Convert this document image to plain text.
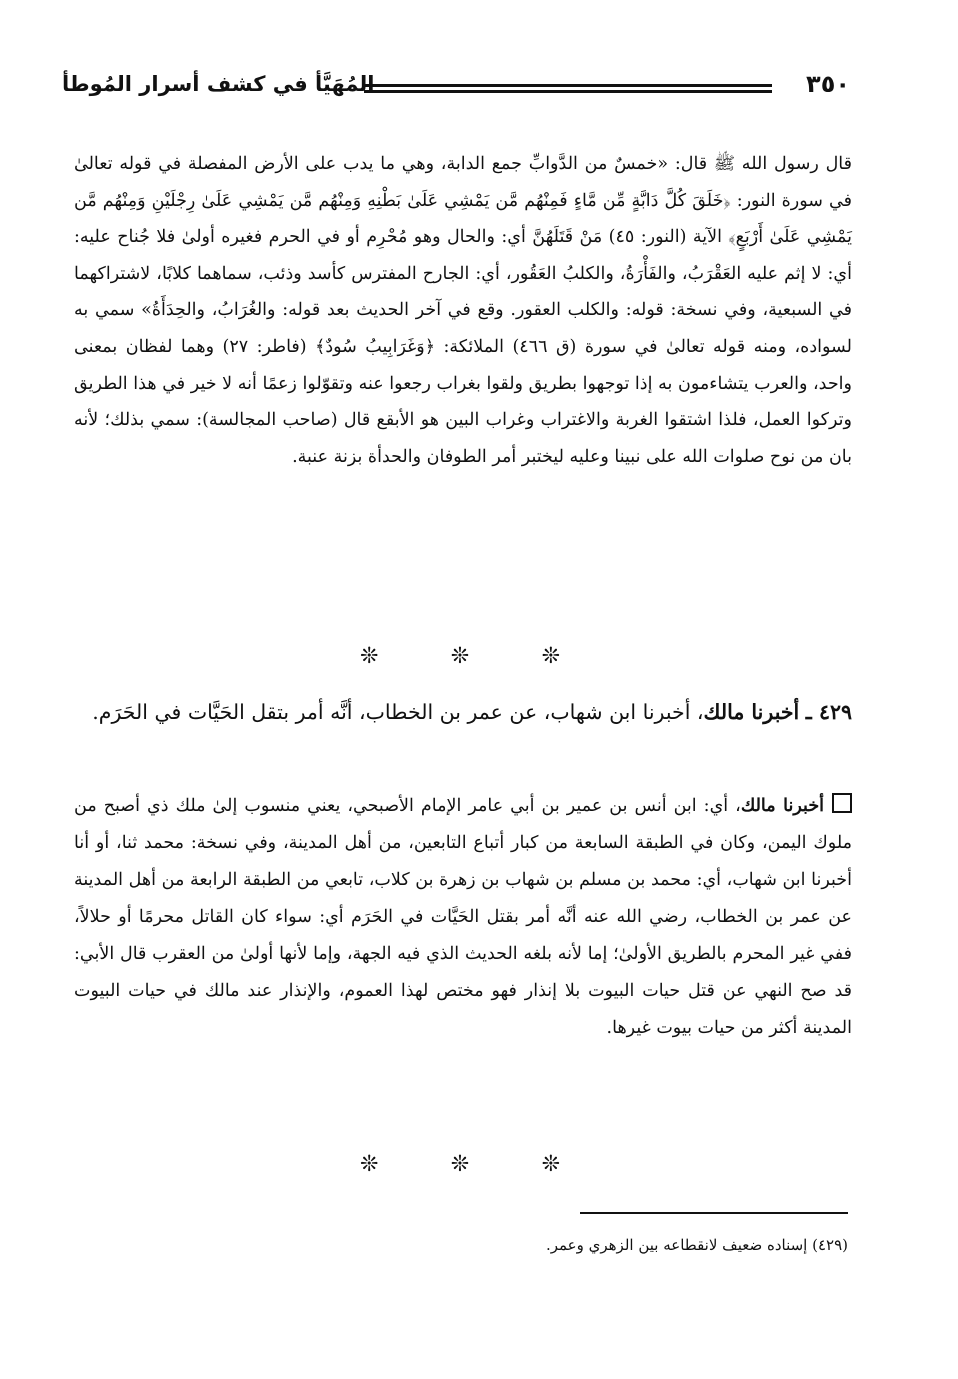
٣٥٠
المُهَيَّأ في كشف أسرار المُوطأ

قال رسول الله ﷺ قال: «خمسٌ من الدَّوابِّ جمع الدابة، وهي ما يدب على الأرض المفصلة في قوله تعالىٰ في سورة النور: ﴿خَلَقَ كُلَّ دَابَّةٍ مِّن مَّاءٍ فَمِنْهُم مَّن يَمْشِي عَلَىٰ بَطْنِهِ وَمِنْهُم مَّن يَمْشِي عَلَىٰ رِجْلَيْنِ وَمِنْهُم مَّن يَمْشِي عَلَىٰ أَرْبَعٍ﴾ الآية (النور: ٤٥) مَنْ قَتَلَهُنَّ أي: والحال وهو مُحْرِم أو في الحرم فغيره أولىٰ فلا جُناح عليه: أي: لا إثم عليه العَقْرَبُ، والفَأْرَةُ، والكلبُ العَقُور، أي: الجارح المفترس كأسد وذئب، سماهما كلابًا، لاشتراكهما في السبعية، وفي نسخة: قوله: والكلب العقور. وقع في آخر الحديث بعد قوله: والغُرَابُ، والحِدَأَةُ» سمي به لسواده، ومنه قوله تعالىٰ في سورة (ق ٤٦٦) الملائكة: ﴿وَغَرَابِيبُ سُودٌ﴾ (فاطر: ٢٧) وهما لفظان بمعنى واحد، والعرب يتشاءمون به إذا توجهوا بطريق ولقوا بغراب رجعوا عنه وتقوّلوا زعمًا أنه لا خير في هذا الطريق وتركوا العمل، فلذا اشتقوا الغربة والاغتراب وغراب البين هو الأبقع قال (صاحب المجالسة): سمي بذلك؛ لأنه بان من نوح صلوات الله على نبينا وعليه ليختبر أمر الطوفان والحدأة بزنة عنبة.

❊	❊	❊

٤٢٩ ـ أخبرنا مالك، أخبرنا ابن شهاب، عن عمر بن الخطاب، أنَّه أمر بتقل الحَيَّات في الحَرَم.

أخبرنا مالك، أي: ابن أنس بن عمير بن أبي عامر الإمام الأصبحي، يعني منسوب إلىٰ ملك ذي أصبح من ملوك اليمن، وكان في الطبقة السابعة من كبار أتباع التابعين، من أهل المدينة، وفي نسخة: محمد ثنا، أو أنا أخبرنا ابن شهاب، أي: محمد بن مسلم بن شهاب بن زهرة بن كلاب، تابعي من الطبقة الرابعة من أهل المدينة عن عمر بن الخطاب، رضي الله عنه أنَّه أمر بقتل الحَيَّات في الحَرَم أي: سواء كان القاتل محرمًا أو حلالاً، ففي غير المحرم بالطريق الأولىٰ؛ إما لأنه بلغه الحديث الذي فيه الجهة، وإما لأنها أولىٰ من العقرب قال الأبي: قد صح النهي عن قتل حيات البيوت بلا إنذار فهو مختص لهذا العموم، والإنذار عند مالك في حيات البيوت المدينة أكثر من حيات بيوت غيرها.

❊	❊	❊
(٤٢٩) إسناده ضعيف لانقطاعه بين الزهري وعمر.
